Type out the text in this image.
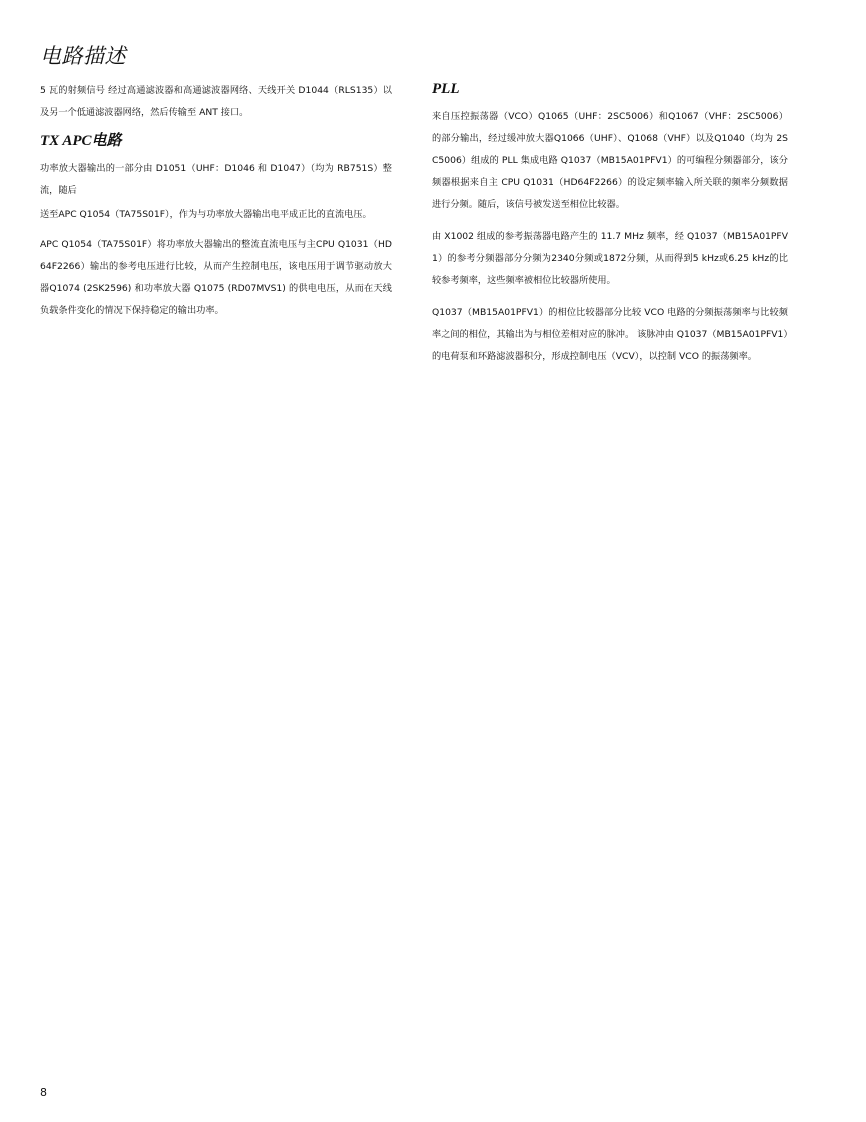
电路描述

5 瓦的射频信号 经过高通滤波器和高通滤波器网络、天线开关 D1044（RLS135）以及另一个低通滤波器网络，然后传输至 ANT 接口。

TX APC电路

功率放大器输出的一部分由 D1051（UHF：D1046 和 D1047）（均为 RB751S）整流，随后

送至APC Q1054（TA75S01F），作为与功率放大器输出电平成正比的直流电压。

APC Q1054（TA75S01F）将功率放大器输出的整流直流电压与主CPU Q1031（HD64F2266）输出的参考电压进行比较，从而产生控制电压，该电压用于调节驱动放大器Q1074 (2SK2596) 和功率放大器 Q1075 (RD07MVS1) 的供电电压，从而在天线负载条件变化的情况下保持稳定的输出功率。

PLL

来自压控振荡器（VCO）Q1065（UHF：2SC5006）和Q1067（VHF：2SC5006）的部分输出，经过缓冲放大器Q1066（UHF）、Q1068（VHF）以及Q1040（均为 2SC5006）组成的 PLL 集成电路 Q1037（MB15A01PFV1）的可编程分频器部分，该分频器根据来自主 CPU Q1031（HD64F2266）的设定频率输入所关联的频率分频数据进行分频。随后，该信号被发送至相位比较器。

由 X1002 组成的参考振荡器电路产生的 11.7 MHz 频率，经 Q1037（MB15A01PFV1）的参考分频器部分分频为2340分频或1872分频，从而得到5 kHz或6.25 kHz的比较参考频率，这些频率被相位比较器所使用。

Q1037（MB15A01PFV1）的相位比较器部分比较 VCO 电路的分频振荡频率与比较频率之间的相位，其输出为与相位差相对应的脉冲。 该脉冲由 Q1037（MB15A01PFV1）的电荷泵和环路滤波器积分，形成控制电压（VCV），以控制 VCO 的振荡频率。

8
